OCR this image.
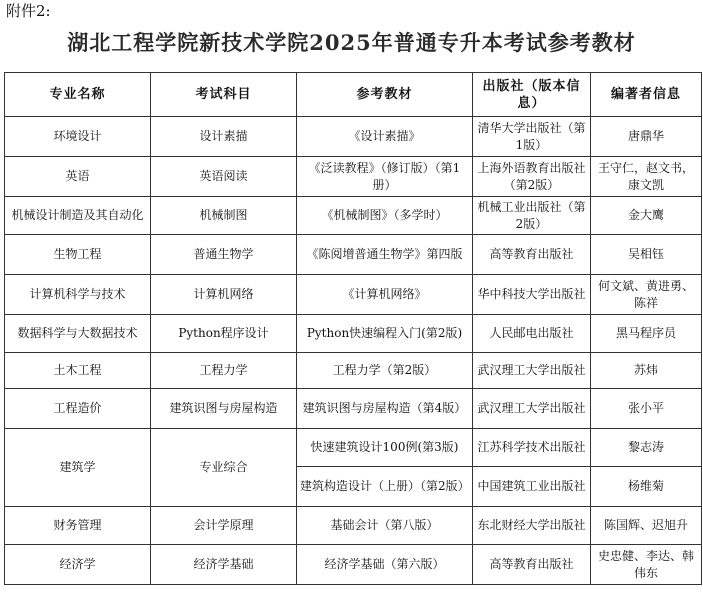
附件2:
湖北工程学院新技术学院2025年普通专升本考试参考教材
专业名称	考试科目	参考教材	出版社（版本信息）	编著者信息
环境设计	设计素描	《设计素描》	清华大学出版社（第1版）	唐鼎华
英语	英语阅读	《泛读教程》（修订版）（第1册）	上海外语教育出版社（第2版）	王守仁，赵文书，康文凯
机械设计制造及其自动化	机械制图	《机械制图》（多学时）	机械工业出版社（第2版）	金大鹰
生物工程	普通生物学	《陈阅增普通生物学》第四版	高等教育出版社	吴相钰
计算机科学与技术	计算机网络	《计算机网络》	华中科技大学出版社	何文斌、黄进勇、陈祥
数据科学与大数据技术	Python程序设计	Python快速编程入门(第2版)	人民邮电出版社	黑马程序员
土木工程	工程力学	工程力学（第2版）	武汉理工大学出版社	苏炜
工程造价	建筑识图与房屋构造	建筑识图与房屋构造（第4版）	武汉理工大学出版社	张小平
建筑学	专业综合	快速建筑设计100例(第3版)	江苏科学技术出版社	黎志涛
		建筑构造设计（上册）（第2版）	中国建筑工业出版社	杨维菊
财务管理	会计学原理	基础会计（第八版）	东北财经大学出版社	陈国辉、迟旭升
经济学	经济学基础	经济学基础（第六版）	高等教育出版社	史忠健、李达、韩伟东
